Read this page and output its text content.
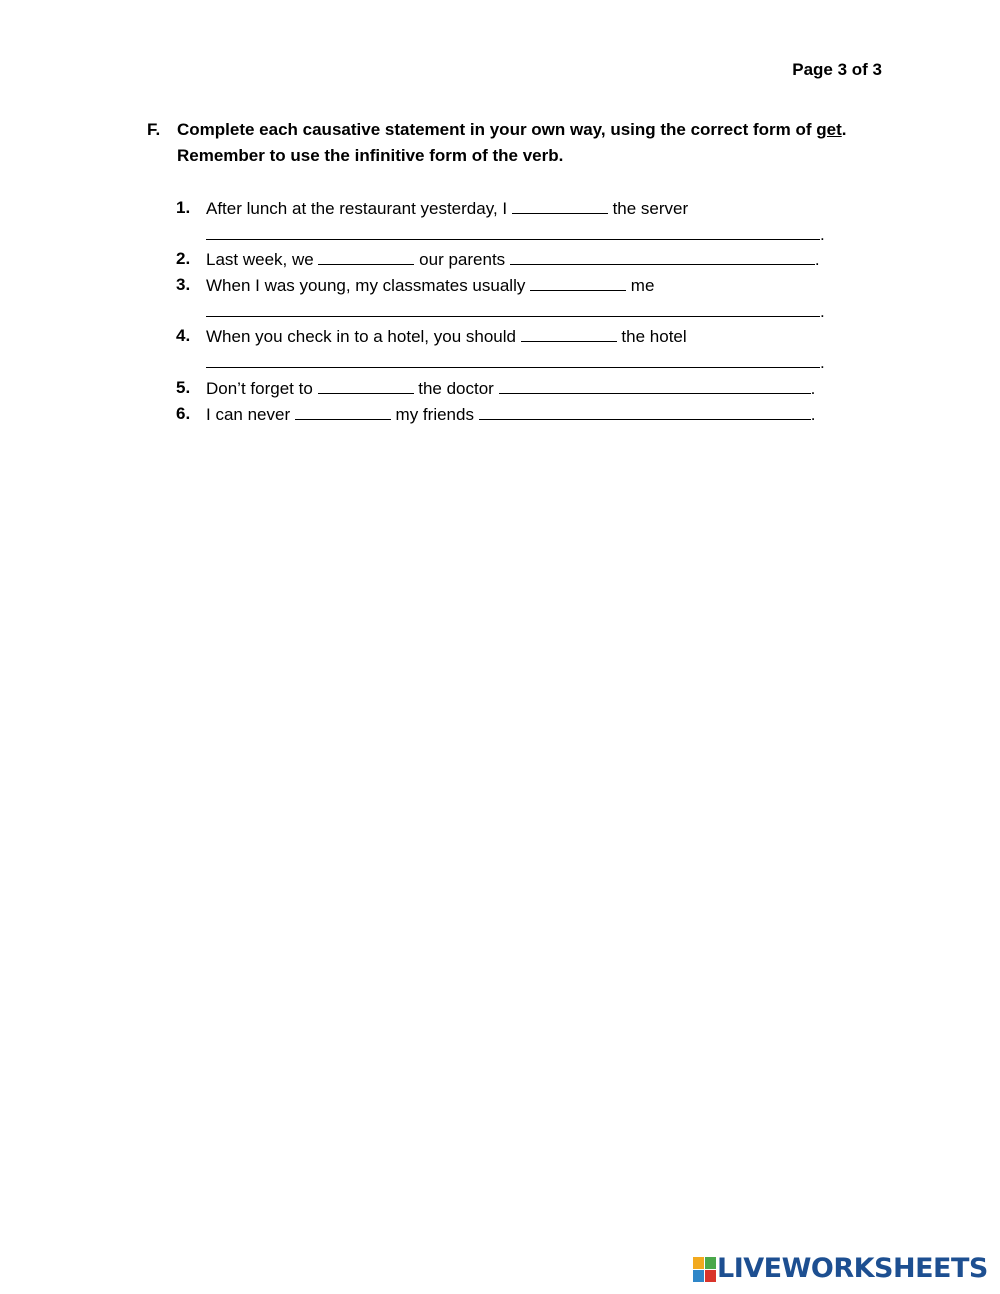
Page 3 of 3
F. Complete each causative statement in your own way, using the correct form of get.
Remember to use the infinitive form of the verb.
1. After lunch at the restaurant yesterday, I	the server
.
2. Last week, we	our parents	.
3. When I was young, my classmates usually	me
.
4. When you check in to a hotel, you should	the hotel
.
5. Don’t forget to	the doctor	.
6. I can never	my friends	.
LIVEWORKSHEETS
